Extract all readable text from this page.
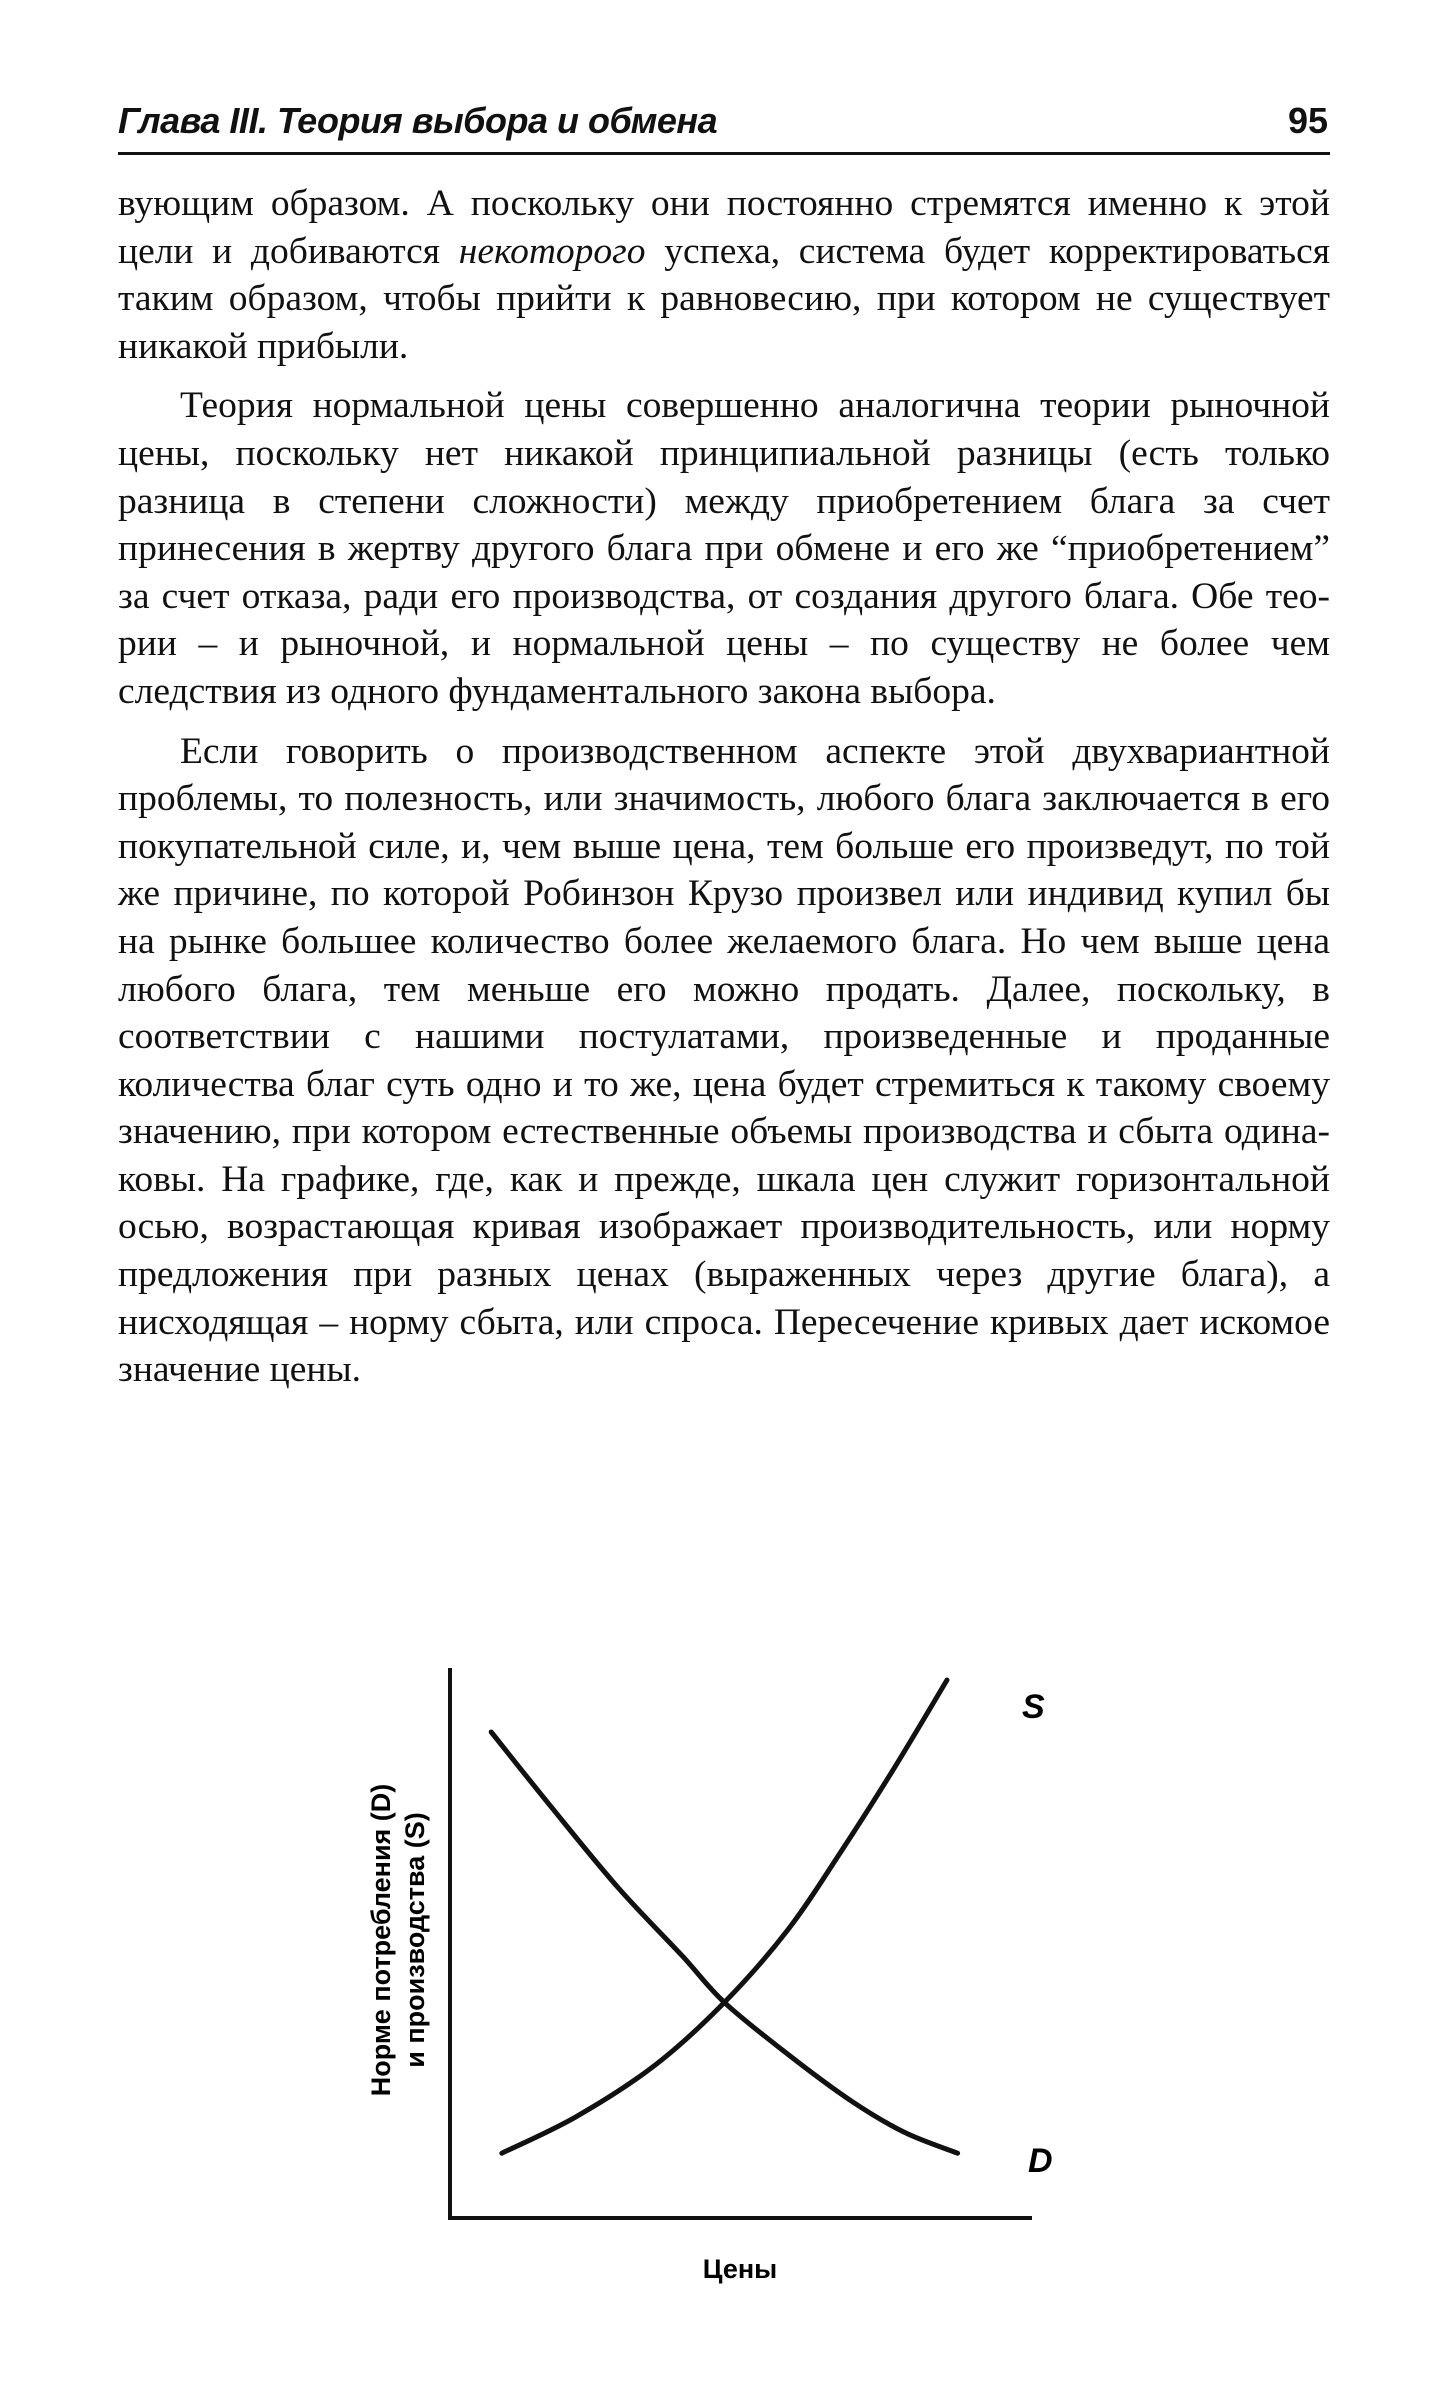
Глава III. Теория выбора и обмена	95

вующим образом. А поскольку они постоянно стремятся именно к этой цели и добиваются некоторого успеха, система будет корректироваться таким образом, чтобы прийти к равновесию, при котором не существует никакой прибыли.

Теория нормальной цены совершенно аналогична теории рыночной цены, поскольку нет никакой принципиальной разницы (есть только разница в степени сложности) между приобретением блага за счет принесения в жертву другого блага при обмене и его же “приобретением” за счет отказа, ради его производства, от создания другого блага. Обе теории – и рыночной, и нормальной цены – по существу не более чем следствия из одного фундаментального закона выбора.

Если говорить о производственном аспекте этой двухвариантной проблемы, то полезность, или значимость, любого блага заключается в его покупательной силе, и, чем выше цена, тем больше его произведут, по той же причине, по которой Робинзон Крузо произвел или индивид купил бы на рынке большее количество более желаемого блага. Но чем выше цена любого блага, тем меньше его можно продать. Далее, поскольку, в соответствии с нашими постулатами, произведенные и проданные количества благ суть одно и то же, цена будет стремиться к такому своему значению, при котором естественные объемы производства и сбыта одинаковы. На графике, где, как и прежде, шкала цен служит горизонтальной осью, возрастающая кривая изображает производительность, или норму предложения при разных ценах (выраженных через другие блага), а нисходящая – норму сбыта, или спроса. Пересечение кривых дает искомое значение цены.

S
D
Цены
Норме потребления (D) и производства (S)
